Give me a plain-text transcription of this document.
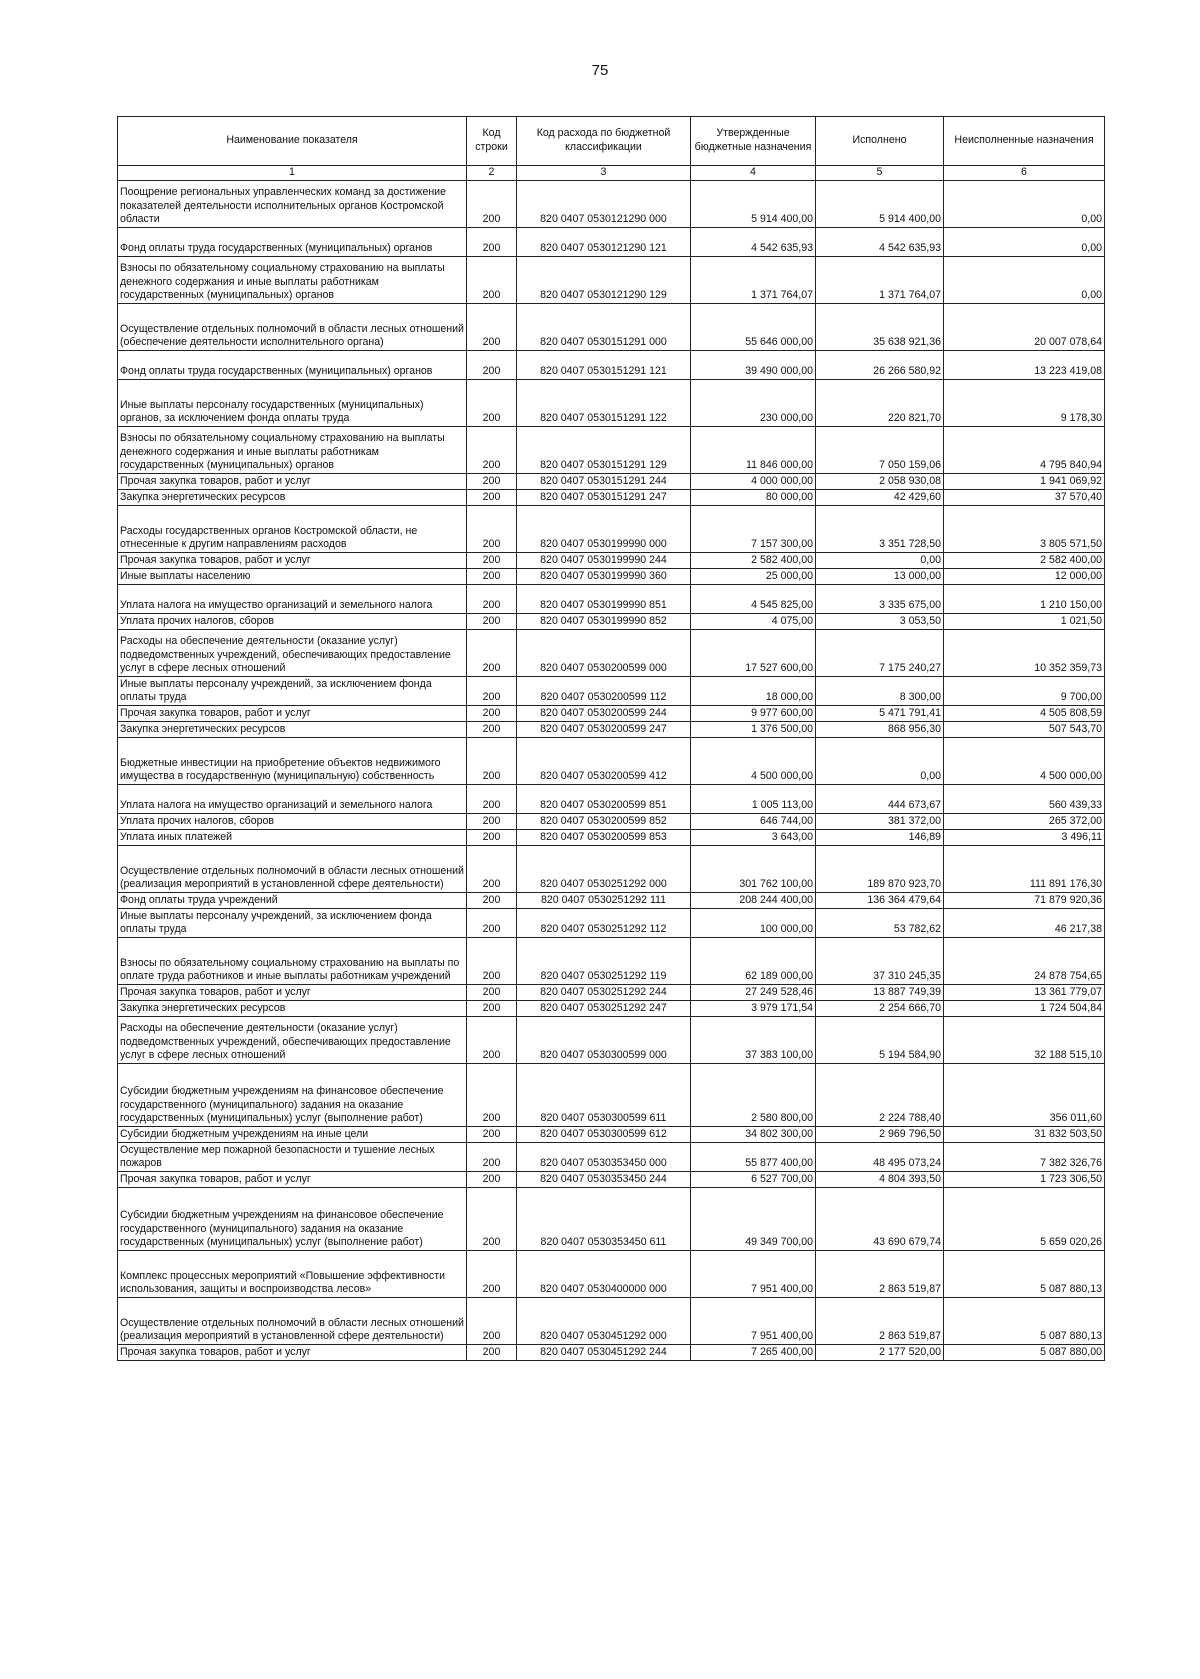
75
Наименование показателя	Код строки	Код расхода по бюджетной классификации	Утвержденные бюджетные назначения	Исполнено	Неисполненные назначения
1	2	3	4	5	6
Поощрение региональных управленческих команд за достижение показателей деятельности исполнительных органов Костромской области	200	820 0407 0530121290 000	5 914 400,00	5 914 400,00	0,00
Фонд оплаты труда государственных (муниципальных) органов	200	820 0407 0530121290 121	4 542 635,93	4 542 635,93	0,00
Взносы по обязательному социальному страхованию на выплаты денежного содержания и иные выплаты работникам государственных (муниципальных) органов	200	820 0407 0530121290 129	1 371 764,07	1 371 764,07	0,00
Осуществление отдельных полномочий в области лесных отношений (обеспечение деятельности исполнительного органа)	200	820 0407 0530151291 000	55 646 000,00	35 638 921,36	20 007 078,64
Фонд оплаты труда государственных (муниципальных) органов	200	820 0407 0530151291 121	39 490 000,00	26 266 580,92	13 223 419,08
Иные выплаты персоналу государственных (муниципальных) органов, за исключением фонда оплаты труда	200	820 0407 0530151291 122	230 000,00	220 821,70	9 178,30
Взносы по обязательному социальному страхованию на выплаты денежного содержания и иные выплаты работникам государственных (муниципальных) органов	200	820 0407 0530151291 129	11 846 000,00	7 050 159,06	4 795 840,94
Прочая закупка товаров, работ и услуг	200	820 0407 0530151291 244	4 000 000,00	2 058 930,08	1 941 069,92
Закупка энергетических ресурсов	200	820 0407 0530151291 247	80 000,00	42 429,60	37 570,40
Расходы государственных органов Костромской области, не отнесенные к другим направлениям расходов	200	820 0407 0530199990 000	7 157 300,00	3 351 728,50	3 805 571,50
Прочая закупка товаров, работ и услуг	200	820 0407 0530199990 244	2 582 400,00	0,00	2 582 400,00
Иные выплаты населению	200	820 0407 0530199990 360	25 000,00	13 000,00	12 000,00
Уплата налога на имущество организаций и земельного налога	200	820 0407 0530199990 851	4 545 825,00	3 335 675,00	1 210 150,00
Уплата прочих налогов, сборов	200	820 0407 0530199990 852	4 075,00	3 053,50	1 021,50
Расходы на обеспечение деятельности (оказание услуг) подведомственных учреждений, обеспечивающих предоставление услуг в сфере лесных отношений	200	820 0407 0530200599 000	17 527 600,00	7 175 240,27	10 352 359,73
Иные выплаты персоналу учреждений, за исключением фонда оплаты труда	200	820 0407 0530200599 112	18 000,00	8 300,00	9 700,00
Прочая закупка товаров, работ и услуг	200	820 0407 0530200599 244	9 977 600,00	5 471 791,41	4 505 808,59
Закупка энергетических ресурсов	200	820 0407 0530200599 247	1 376 500,00	868 956,30	507 543,70
Бюджетные инвестиции на приобретение объектов недвижимого имущества в государственную (муниципальную) собственность	200	820 0407 0530200599 412	4 500 000,00	0,00	4 500 000,00
Уплата налога на имущество организаций и земельного налога	200	820 0407 0530200599 851	1 005 113,00	444 673,67	560 439,33
Уплата прочих налогов, сборов	200	820 0407 0530200599 852	646 744,00	381 372,00	265 372,00
Уплата иных платежей	200	820 0407 0530200599 853	3 643,00	146,89	3 496,11
Осуществление отдельных полномочий в области лесных отношений (реализация мероприятий в установленной сфере деятельности)	200	820 0407 0530251292 000	301 762 100,00	189 870 923,70	111 891 176,30
Фонд оплаты труда учреждений	200	820 0407 0530251292 111	208 244 400,00	136 364 479,64	71 879 920,36
Иные выплаты персоналу учреждений, за исключением фонда оплаты труда	200	820 0407 0530251292 112	100 000,00	53 782,62	46 217,38
Взносы по обязательному социальному страхованию на выплаты по оплате труда работников и иные выплаты работникам учреждений	200	820 0407 0530251292 119	62 189 000,00	37 310 245,35	24 878 754,65
Прочая закупка товаров, работ и услуг	200	820 0407 0530251292 244	27 249 528,46	13 887 749,39	13 361 779,07
Закупка энергетических ресурсов	200	820 0407 0530251292 247	3 979 171,54	2 254 666,70	1 724 504,84
Расходы на обеспечение деятельности (оказание услуг) подведомственных учреждений, обеспечивающих предоставление услуг в сфере лесных отношений	200	820 0407 0530300599 000	37 383 100,00	5 194 584,90	32 188 515,10
Субсидии бюджетным учреждениям на финансовое обеспечение государственного (муниципального) задания на оказание государственных (муниципальных) услуг (выполнение работ)	200	820 0407 0530300599 611	2 580 800,00	2 224 788,40	356 011,60
Субсидии бюджетным учреждениям на иные цели	200	820 0407 0530300599 612	34 802 300,00	2 969 796,50	31 832 503,50
Осуществление мер пожарной безопасности и тушение лесных пожаров	200	820 0407 0530353450 000	55 877 400,00	48 495 073,24	7 382 326,76
Прочая закупка товаров, работ и услуг	200	820 0407 0530353450 244	6 527 700,00	4 804 393,50	1 723 306,50
Субсидии бюджетным учреждениям на финансовое обеспечение государственного (муниципального) задания на оказание государственных (муниципальных) услуг (выполнение работ)	200	820 0407 0530353450 611	49 349 700,00	43 690 679,74	5 659 020,26
Комплекс процессных мероприятий «Повышение эффективности использования, защиты и воспроизводства лесов»	200	820 0407 0530400000 000	7 951 400,00	2 863 519,87	5 087 880,13
Осуществление отдельных полномочий в области лесных отношений (реализация мероприятий в установленной сфере деятельности)	200	820 0407 0530451292 000	7 951 400,00	2 863 519,87	5 087 880,13
Прочая закупка товаров, работ и услуг	200	820 0407 0530451292 244	7 265 400,00	2 177 520,00	5 087 880,00
